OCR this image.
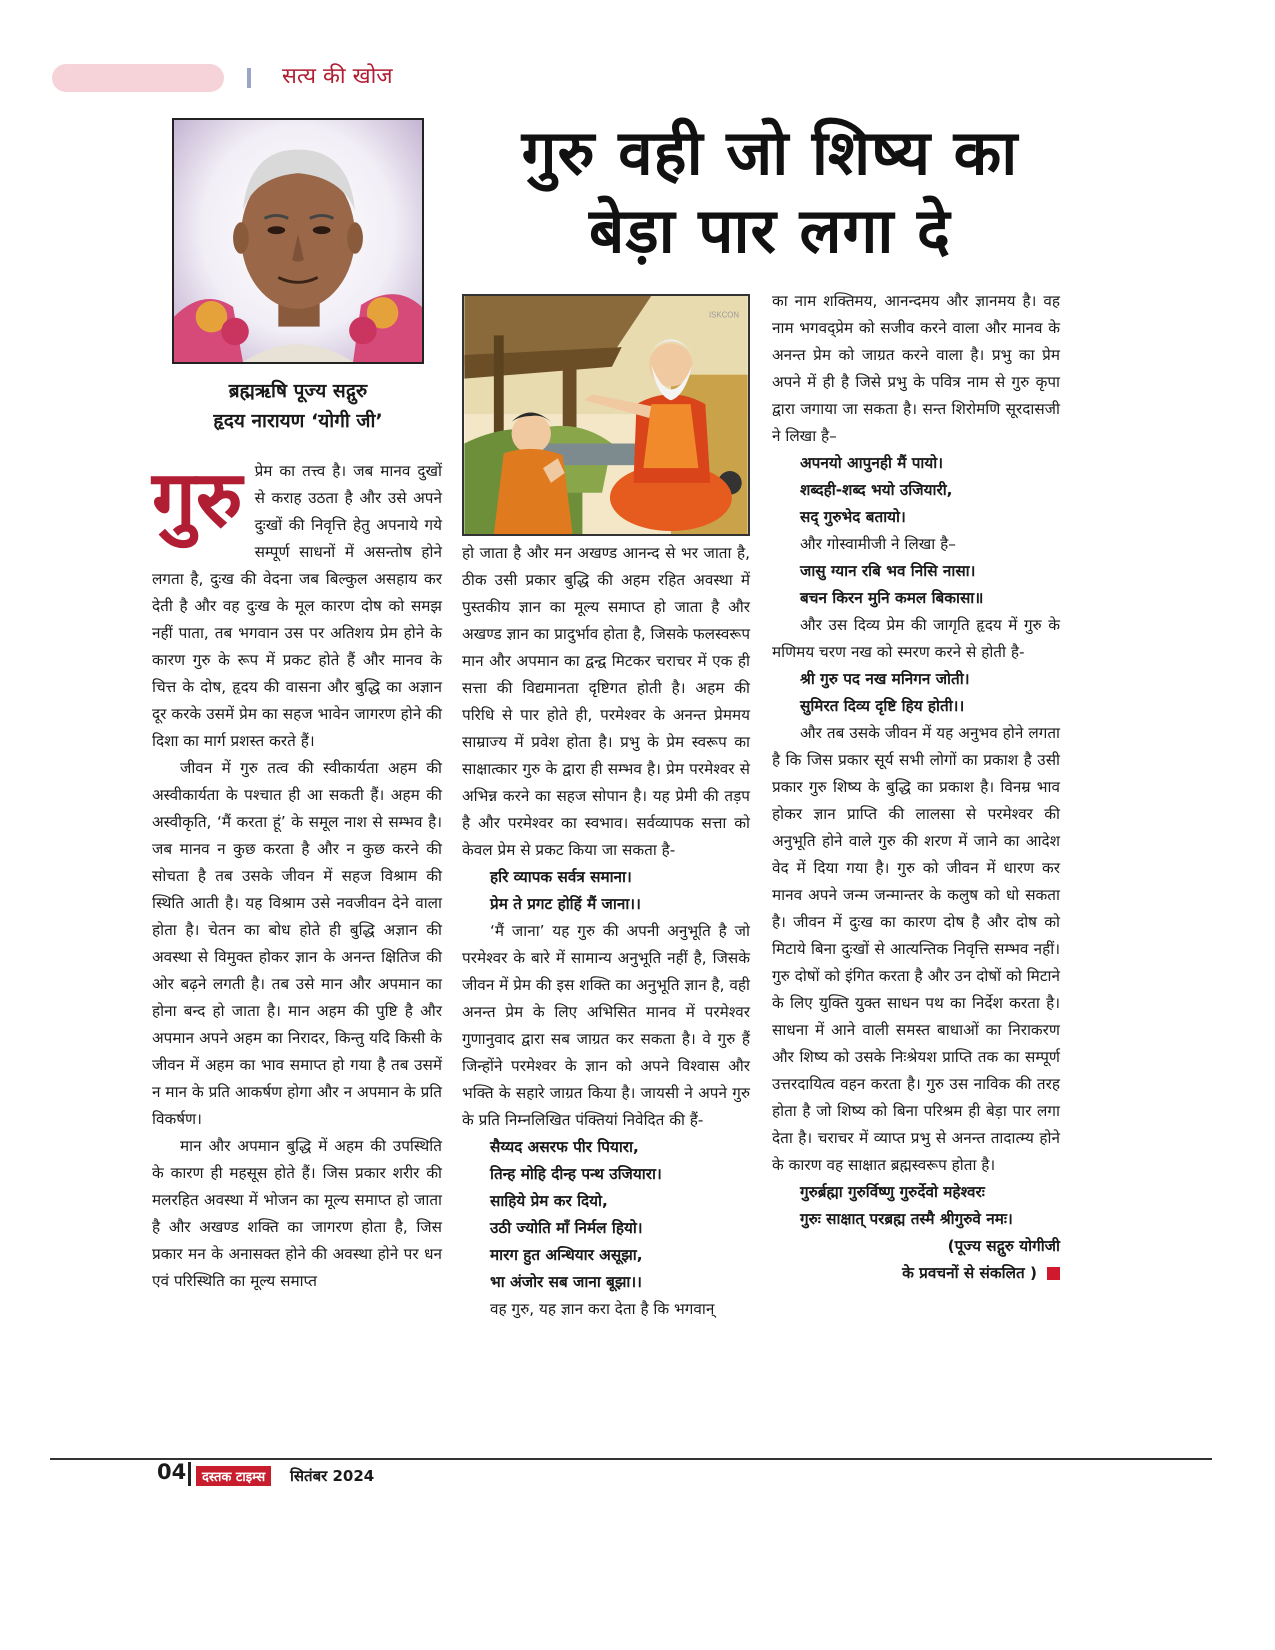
सत्य की खोज
ब्रह्मऋषि पूज्य सद्गुरु
हृदय नारायण ‘योगी जी’
गुरु वही जो शिष्य का
बेड़ा पार लगा दे
ISKCON
गुरु प्रेम का तत्त्व है। जब मानव दुखों से कराह उठता है और उसे अपने दुःखों की निवृत्ति हेतु अपनाये गये सम्पूर्ण साधनों में असन्तोष होने लगता है, दुःख की वेदना जब बिल्कुल असहाय कर देती है और वह दुःख के मूल कारण दोष को समझ नहीं पाता, तब भगवान उस पर अतिशय प्रेम होने के कारण गुरु के रूप में प्रकट होते हैं और मानव के चित्त के दोष, हृदय की वासना और बुद्धि का अज्ञान दूर करके उसमें प्रेम का सहज भावेन जागरण होने की दिशा का मार्ग प्रशस्त करते हैं।

जीवन में गुरु तत्व की स्वीकार्यता अहम की अस्वीकार्यता के पश्चात ही आ सकती हैं। अहम की अस्वीकृति, ‘मैं करता हूं’ के समूल नाश से सम्भव है। जब मानव न कुछ करता है और न कुछ करने की सोचता है तब उसके जीवन में सहज विश्राम की स्थिति आती है। यह विश्राम उसे नवजीवन देने वाला होता है। चेतन का बोध होते ही बुद्धि अज्ञान की अवस्था से विमुक्त होकर ज्ञान के अनन्त क्षितिज की ओर बढ़ने लगती है। तब उसे मान और अपमान का होना बन्द हो जाता है। मान अहम की पुष्टि है और अपमान अपने अहम का निरादर, किन्तु यदि किसी के जीवन में अहम का भाव समाप्त हो गया है तब उसमें न मान के प्रति आकर्षण होगा और न अपमान के प्रति विकर्षण।

मान और अपमान बुद्धि में अहम की उपस्थिति के कारण ही महसूस होते हैं। जिस प्रकार शरीर की मलरहित अवस्था में भोजन का मूल्य समाप्त हो जाता है और अखण्ड शक्ति का जागरण होता है, जिस प्रकार मन के अनासक्त होने की अवस्था होने पर धन एवं परिस्थिति का मूल्य समाप्त

हो जाता है और मन अखण्ड आनन्द से भर जाता है, ठीक उसी प्रकार बुद्धि की अहम रहित अवस्था में पुस्तकीय ज्ञान का मूल्य समाप्त हो जाता है और अखण्ड ज्ञान का प्रादुर्भाव होता है, जिसके फलस्वरूप मान और अपमान का द्वन्द्व मिटकर चराचर में एक ही सत्ता की विद्यमानता दृष्टिगत होती है। अहम की परिधि से पार होते ही, परमेश्वर के अनन्त प्रेममय साम्राज्य में प्रवेश होता है। प्रभु के प्रेम स्वरूप का साक्षात्कार गुरु के द्वारा ही सम्भव है। प्रेम परमेश्वर से अभिन्न करने का सहज सोपान है। यह प्रेमी की तड़प है और परमेश्वर का स्वभाव। सर्वव्यापक सत्ता को केवल प्रेम से प्रकट किया जा सकता है-

हरि व्यापक सर्वत्र समाना।
प्रेम ते प्रगट होहिं मैं जाना।।

‘मैं जाना’ यह गुरु की अपनी अनुभूति है जो परमेश्वर के बारे में सामान्य अनुभूति नहीं है, जिसके जीवन में प्रेम की इस शक्ति का अनुभूति ज्ञान है, वही अनन्त प्रेम के लिए अभिसित मानव में परमेश्वर गुणानुवाद द्वारा सब जाग्रत कर सकता है। वे गुरु हैं जिन्होंने परमेश्वर के ज्ञान को अपने विश्वास और भक्ति के सहारे जाग्रत किया है। जायसी ने अपने गुरु के प्रति निम्नलिखित पंक्तियां निवेदित की हैं-

सैय्यद असरफ पीर पियारा,
तिन्ह मोहि दीन्ह पन्थ उजियारा।
साहिये प्रेम कर दियो,
उठी ज्योति माँ निर्मल हियो।
मारग हुत अन्धियार असूझा,
भा अंजोर सब जाना बूझा।।

वह गुरु, यह ज्ञान करा देता है कि भगवान्

का नाम शक्तिमय, आनन्दमय और ज्ञानमय है। वह नाम भगवद्प्रेम को सजीव करने वाला और मानव के अनन्त प्रेम को जाग्रत करने वाला है। प्रभु का प्रेम अपने में ही है जिसे प्रभु के पवित्र नाम से गुरु कृपा द्वारा जगाया जा सकता है। सन्त शिरोमणि सूरदासजी ने लिखा है–

अपनयो आपुनही मैं पायो।
शब्दही-शब्द भयो उजियारी,
सद् गुरुभेद बतायो।

और गोस्वामीजी ने लिखा है–

जासु ग्यान रबि भव निसि नासा।
बचन किरन मुनि कमल बिकासा॥

और उस दिव्य प्रेम की जागृति हृदय में गुरु के मणिमय चरण नख को स्मरण करने से होती है-

श्री गुरु पद नख मनिगन जोती।
सुमिरत दिव्य दृष्टि हिय होती।।

और तब उसके जीवन में यह अनुभव होने लगता है कि जिस प्रकार सूर्य सभी लोगों का प्रकाश है उसी प्रकार गुरु शिष्य के बुद्धि का प्रकाश है। विनम्र भाव होकर ज्ञान प्राप्ति की लालसा से परमेश्वर की अनुभूति होने वाले गुरु की शरण में जाने का आदेश वेद में दिया गया है। गुरु को जीवन में धारण कर मानव अपने जन्म जन्मान्तर के कलुष को धो सकता है। जीवन में दुःख का कारण दोष है और दोष को मिटाये बिना दुःखों से आत्यन्तिक निवृत्ति सम्भव नहीं। गुरु दोषों को इंगित करता है और उन दोषों को मिटाने के लिए युक्ति युक्त साधन पथ का निर्देश करता है। साधना में आने वाली समस्त बाधाओं का निराकरण और शिष्य को उसके निःश्रेयश प्राप्ति तक का सम्पूर्ण उत्तरदायित्व वहन करता है। गुरु उस नाविक की तरह होता है जो शिष्य को बिना परिश्रम ही बेड़ा पार लगा देता है। चराचर में व्याप्त प्रभु से अनन्त तादात्म्य होने के कारण वह साक्षात ब्रह्मस्वरूप होता है।

गुरुर्ब्रह्मा गुरुर्विष्णु गुरुर्देवो महेश्वरः
गुरुः साक्षात् परब्रह्म तस्मै श्रीगुरुवे नमः।
(पूज्य सद्गुरु योगीजी
के प्रवचनों से संकलित )
04	दस्तक टाइम्स	सितंबर 2024
